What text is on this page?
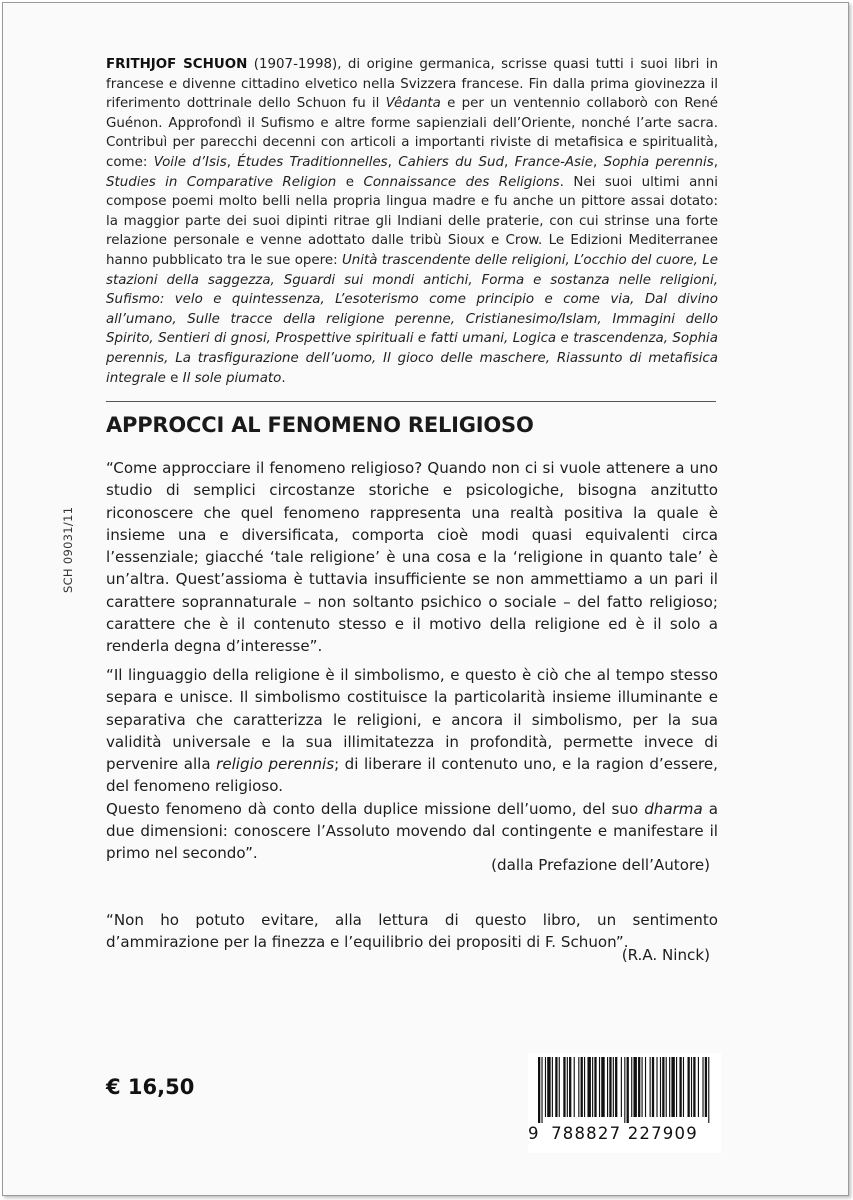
FRITHJOF SCHUON (1907-1998), di origine germanica, scrisse quasi tutti i suoi libri in francese e divenne cittadino elvetico nella Svizzera francese. Fin dalla prima giovinezza il riferimento dottrinale dello Schuon fu il Vêdanta e per un ventennio collaborò con René Guénon. Approfondì il Sufismo e altre forme sapienziali dell’Oriente, nonché l’arte sacra. Contribuì per parecchi decenni con articoli a importanti riviste di metafisica e spiritualità, come: Voile d’Isis, Études Traditionnelles, Cahiers du Sud, France-Asie, Sophia perennis, Studies in Comparative Religion e Connaissance des Religions. Nei suoi ultimi anni compose poemi molto belli nella propria lingua madre e fu anche un pittore assai dotato: la maggior parte dei suoi dipinti ritrae gli Indiani delle praterie, con cui strinse una forte relazione personale e venne adottato dalle tribù Sioux e Crow. Le Edizioni Mediterranee hanno pubblicato tra le sue opere: Unità trascendente delle religioni, L’occhio del cuore, Le stazioni della saggezza, Sguardi sui mondi antichi, Forma e sostanza nelle religioni, Sufismo: velo e quintessenza, L’esoterismo come principio e come via, Dal divino all’umano, Sulle tracce della religione perenne, Cristianesimo/Islam, Immagini dello Spirito, Sentieri di gnosi, Prospettive spirituali e fatti umani, Logica e trascendenza, Sophia perennis, La trasfigurazione dell’uomo, Il gioco delle maschere, Riassunto di metafisica integrale e Il sole piumato.

APPROCCI AL FENOMENO RELIGIOSO
SCH 09031/11

“Come approcciare il fenomeno religioso? Quando non ci si vuole attenere a uno studio di semplici circostanze storiche e psicologiche, bisogna anzitutto riconoscere che quel fenomeno rappresenta una realtà positiva la quale è insieme una e diversificata, comporta cioè modi quasi equivalenti circa l’essenziale; giacché ‘tale religione’ è una cosa e la ‘religione in quanto tale’ è un’altra. Quest’assioma è tuttavia insufficiente se non ammettiamo a un pari il carattere soprannaturale – non soltanto psichico o sociale – del fatto religioso; carattere che è il contenuto stesso e il motivo della religione ed è il solo a renderla degna d’interesse”.

“Il linguaggio della religione è il simbolismo, e questo è ciò che al tempo stesso separa e unisce. Il simbolismo costituisce la particolarità insieme illuminante e separativa che caratterizza le religioni, e ancora il simbolismo, per la sua validità universale e la sua illimitatezza in profondità, permette invece di pervenire alla religio perennis; di liberare il contenuto uno, e la ragion d’essere, del fenomeno religioso.
Questo fenomeno dà conto della duplice missione dell’uomo, del suo dharma a due dimensioni: conoscere l’Assoluto movendo dal contingente e manifestare il primo nel secondo”.

(dalla Prefazione dell’Autore)

“Non ho potuto evitare, alla lettura di questo libro, un sentimento d’ammirazione per la finezza e l’equilibrio dei propositi di F. Schuon”.

(R.A. Ninck)

€ 16,50
9 788827 227909
